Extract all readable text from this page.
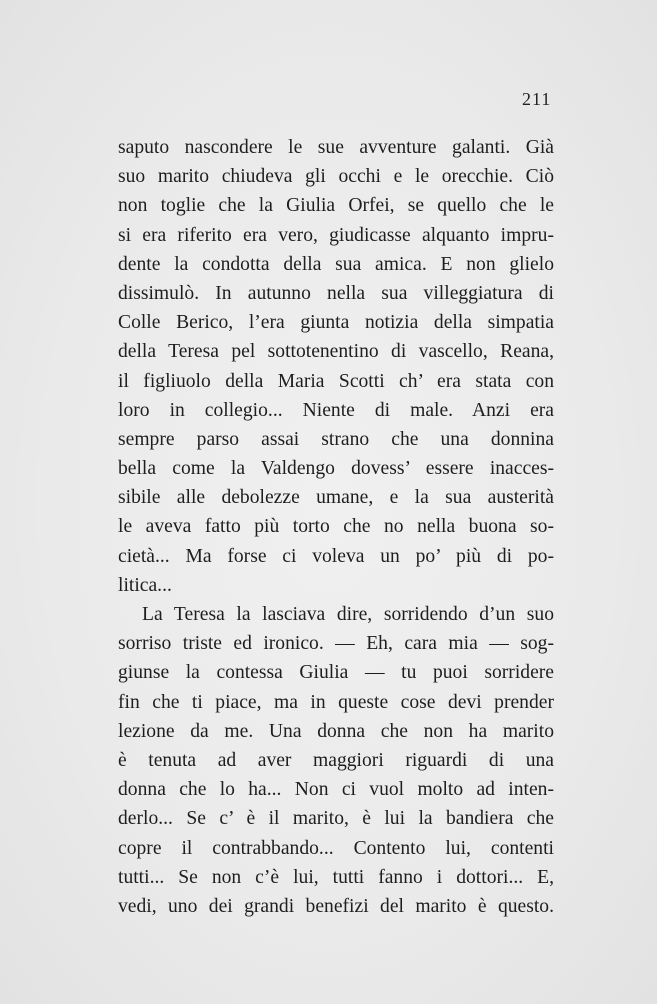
211
saputo nascondere le sue avventure galanti. Già
suo marito chiudeva gli occhi e le orecchie. Ciò
non toglie che la Giulia Orfei, se quello che le
si era riferito era vero, giudicasse alquanto impru-
dente la condotta della sua amica. E non glielo
dissimulò. In autunno nella sua villeggiatura di
Colle Berico, l’era giunta notizia della simpatia
della Teresa pel sottotenentino di vascello, Reana,
il figliuolo della Maria Scotti ch’ era stata con
loro in collegio... Niente di male. Anzi era
sempre parso assai strano che una donnina
bella come la Valdengo dovess’ essere inacces-
sibile alle debolezze umane, e la sua austerità
le aveva fatto più torto che no nella buona so-
cietà... Ma forse ci voleva un po’ più di po-
litica...
La Teresa la lasciava dire, sorridendo d’un suo
sorriso triste ed ironico. — Eh, cara mia — sog-
giunse la contessa Giulia — tu puoi sorridere
fin che ti piace, ma in queste cose devi prender
lezione da me. Una donna che non ha marito
è tenuta ad aver maggiori riguardi di una
donna che lo ha... Non ci vuol molto ad inten-
derlo... Se c’ è il marito, è lui la bandiera che
copre il contrabbando... Contento lui, contenti
tutti... Se non c’è lui, tutti fanno i dottori... E,
vedi, uno dei grandi benefizi del marito è questo.
